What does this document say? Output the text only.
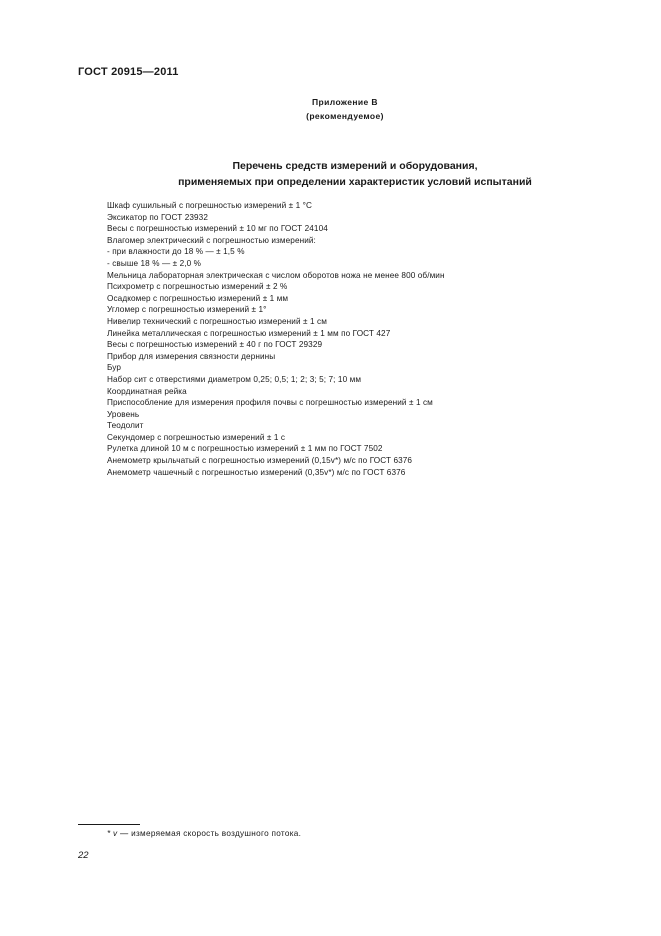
ГОСТ 20915—2011
Приложение В
(рекомендуемое)
Перечень средств измерений и оборудования,
применяемых при определении характеристик условий испытаний
Шкаф сушильный с погрешностью измерений ± 1 °С
Эксикатор по ГОСТ 23932
Весы с погрешностью измерений ± 10 мг по ГОСТ 24104
Влагомер электрический с погрешностью измерений:
- при влажности до 18 % — ± 1,5 %
- свыше 18 % — ± 2,0 %
Мельница лабораторная электрическая с числом оборотов ножа не менее 800 об/мин
Психрометр с погрешностью измерений ± 2 %
Осадкомер с погрешностью измерений ± 1 мм
Угломер с погрешностью измерений ± 1°
Нивелир технический с погрешностью измерений ± 1 см
Линейка металлическая с погрешностью измерений ± 1 мм по ГОСТ 427
Весы с погрешностью измерений ± 40 г по ГОСТ 29329
Прибор для измерения связности дернины
Бур
Набор сит с отверстиями диаметром 0,25; 0,5; 1; 2; 3; 5; 7; 10 мм
Координатная рейка
Приспособление для измерения профиля почвы с погрешностью измерений ± 1 см
Уровень
Теодолит
Секундомер с погрешностью измерений ± 1 с
Рулетка длиной 10 м с погрешностью измерений ± 1 мм по ГОСТ 7502
Анемометр крыльчатый с погрешностью измерений (0,15v*) м/с по ГОСТ 6376
Анемометр чашечный с погрешностью измерений (0,35v*) м/с по ГОСТ 6376
* v — измеряемая скорость воздушного потока.
22
